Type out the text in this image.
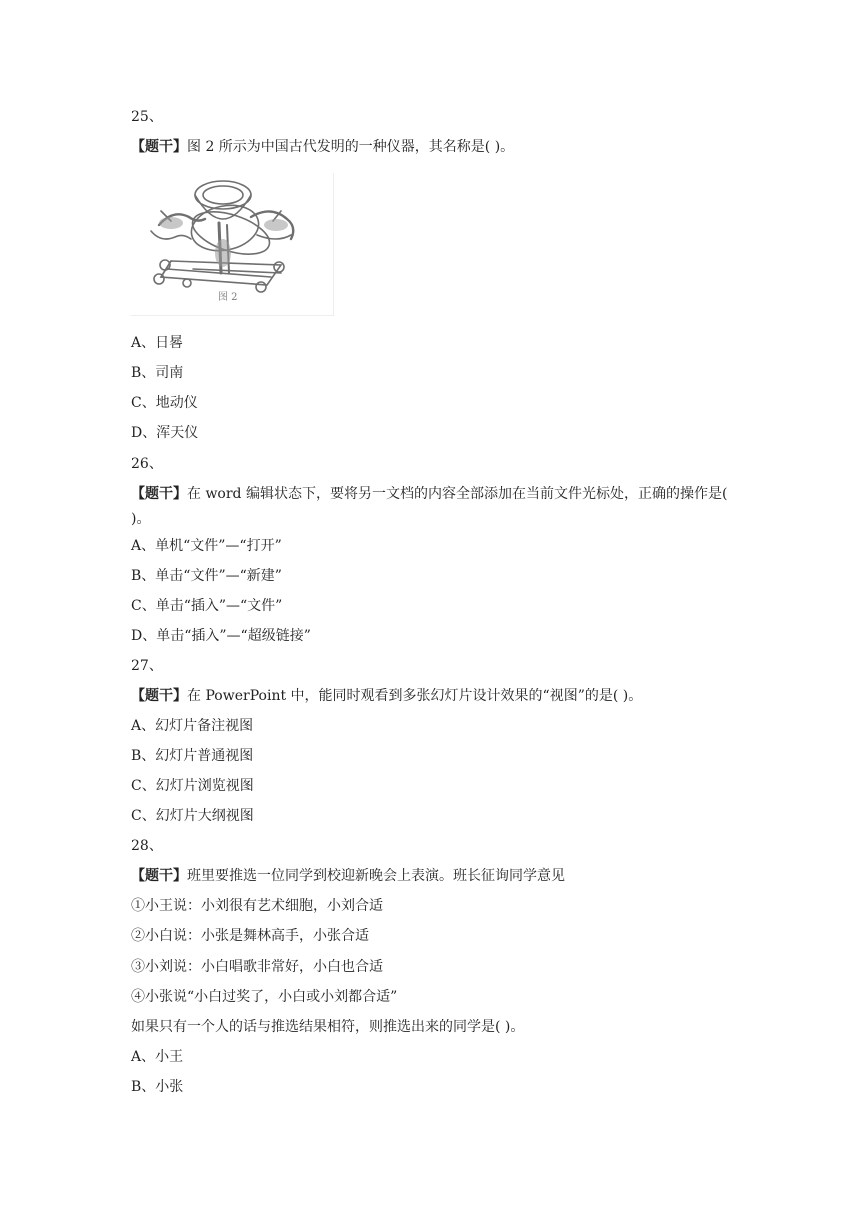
25、
【题干】图 2 所示为中国古代发明的一种仪器，其名称是( )。
图 2
A、日晷
B、司南
C、地动仪
D、浑天仪
26、
【题干】在 word 编辑状态下，要将另一文档的内容全部添加在当前文件光标处，正确的操作是( )。
A、单机“文件”—“打开”
B、单击“文件”—“新建”
C、单击“插入”—“文件”
D、单击“插入”—“超级链接”
27、
【题干】在 PowerPoint 中，能同时观看到多张幻灯片设计效果的“视图”的是( )。
A、幻灯片备注视图
B、幻灯片普通视图
C、幻灯片浏览视图
C、幻灯片大纲视图
28、
【题干】班里要推选一位同学到校迎新晚会上表演。班长征询同学意见
①小王说：小刘很有艺术细胞，小刘合适
②小白说：小张是舞林高手，小张合适
③小刘说：小白唱歌非常好，小白也合适
④小张说“小白过奖了，小白或小刘都合适”
如果只有一个人的话与推选结果相符，则推选出来的同学是( )。
A、小王
B、小张
